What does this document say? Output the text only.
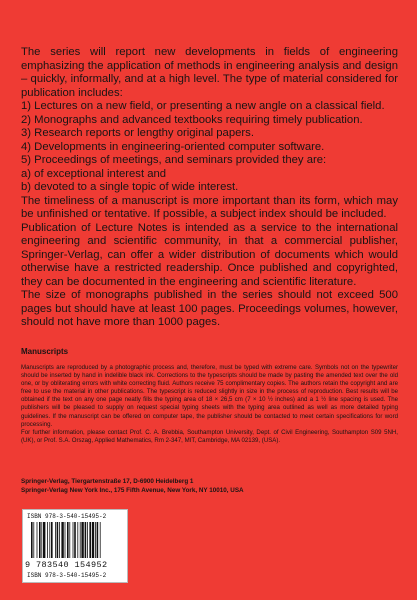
The series will report new developments in fields of engineering emphasizing the application of methods in engineering analysis and design – quickly, informally, and at a high level. The type of material considered for publication includes:

1) Lectures on a new field, or presenting a new angle on a classical field.

2) Monographs and advanced textbooks requiring timely publication.

3) Research reports or lengthy original papers.

4) Developments in engineering-oriented computer software.

5) Proceedings of meetings, and seminars provided they are:

a) of exceptional interest and

b) devoted to a single topic of wide interest.

The timeliness of a manuscript is more important than its form, which may be unfinished or tentative. If possible, a subject index should be included.

Publication of Lecture Notes is intended as a service to the international engineering and scientific community, in that a commercial publisher, Springer-Verlag, can offer a wider distribution of documents which would otherwise have a restricted readership. Once published and copyrighted, they can be documented in the engineering and scientific literature.

The size of monographs published in the series should not exceed 500 pages but should have at least 100 pages. Proceedings volumes, however, should not have more than 1000 pages.

Manuscripts

Manuscripts are reproduced by a photographic process and, therefore, must be typed with extreme care. Symbols not on the typewriter should be inserted by hand in indelible black ink. Corrections to the typescripts should be made by pasting the amended text over the old one, or by obliterating errors with white correcting fluid. Authors receive 75 complimentary copies. The authors retain the copyright and are free to use the material in other publications. The typescript is reduced slightly in size in the process of reproduction. Best results will be obtained if the text on any one page neatly fills the typing area of 18 × 26,5 cm (7 × 10 ½ inches) and a 1 ½ line spacing is used. The publishers will be pleased to supply on request special typing sheets with the typing area outlined as well as more detailed typing guidelines. If the manuscript can be offered on computer tape, the publisher should be contacted to meet certain specifications for word processing.

For further information, please contact Prof. C. A. Brebbia, Southampton University, Dept. of Civil Engineering, Southampton S09 5NH, (UK), or Prof. S.A. Orszag, Applied Mathematics, Rm 2-347, MIT, Cambridge, MA 02139, (USA).

Springer-Verlag, Tiergartenstraße 17, D-6900 Heidelberg 1

Springer-Verlag New York Inc., 175 Fifth Avenue, New York, NY 10010, USA

ISBN 978-3-540-15495-2
9 783540 154952
ISBN 978-3-540-15495-2
